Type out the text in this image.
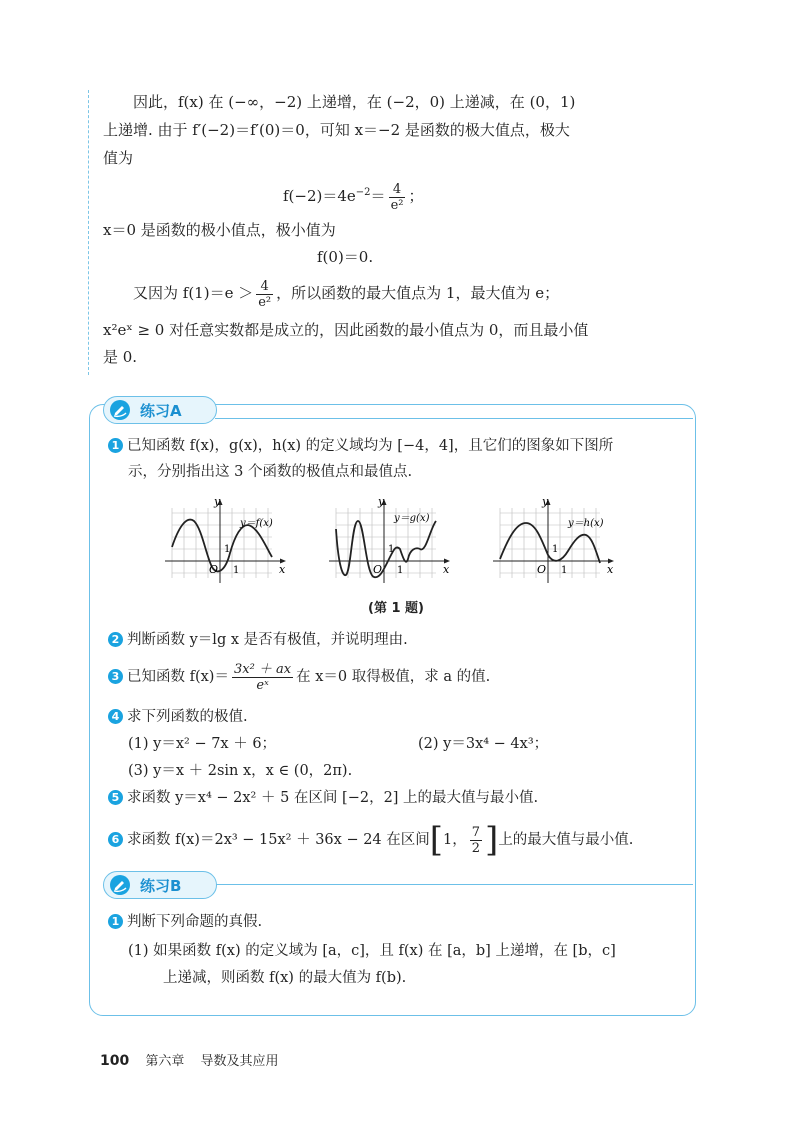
因此，f(x) 在 (−∞，−2) 上递增，在 (−2，0) 上递减，在 (0，1)
上递增. 由于 f′(−2)＝f′(0)＝0，可知 x＝−2 是函数的极大值点，极大
值为
$f(-2)=4e^{-2}= \frac{4}{\text{e²}}$ ；
x＝0 是函数的极小值点，极小值为
f(0)＝0.
又因为 $f(1)=e > \frac{4}{\text{e²}}$ ，所以函数的最大值点为 1，最大值为 e；
x²eˣ ≥ 0 对任意实数都是成立的，因此函数的最小值点为 0，而且最小值
是 0.
练习A
1 已知函数 f(x)，g(x)，h(x) 的定义域均为 [−4，4]，且它们的图象如下图所
示，分别指出这 3 个函数的极值点和最值点.
y
x
O
1
1
y＝f(x)
y
x
O
1
1
y＝g(x)
y
x
O
1
1
y＝h(x)
(第 1 题)
2 判断函数 y＝lg x 是否有极值，并说明理由.
3 已知函数 $f(x)= \frac{\text{3x² ＋ ax}}{\text{eˣ}}$ 在 x＝0 取得极值，求 a 的值.
4 求下列函数的极值.
(1) y＝x² − 7x ＋ 6；	(2) y＝3x⁴ − 4x³；
(3) y＝x ＋ 2sin x，x ∈ (0，2π).
5 求函数 y＝x⁴ − 2x² ＋ 5 在区间 [−2，2] 上的最大值与最小值.
6 求函数 f(x)＝2x³ − 15x² ＋ 36x − 24 在区间[1， $\frac{7}{2}$ ]上的最大值与最小值.
练习B
1 判断下列命题的真假.
(1) 如果函数 f(x) 的定义域为 [a，c]，且 f(x) 在 [a，b] 上递增，在 [b，c]
上递减，则函数 f(x) 的最大值为 f(b).
100 第六章 导数及其应用
